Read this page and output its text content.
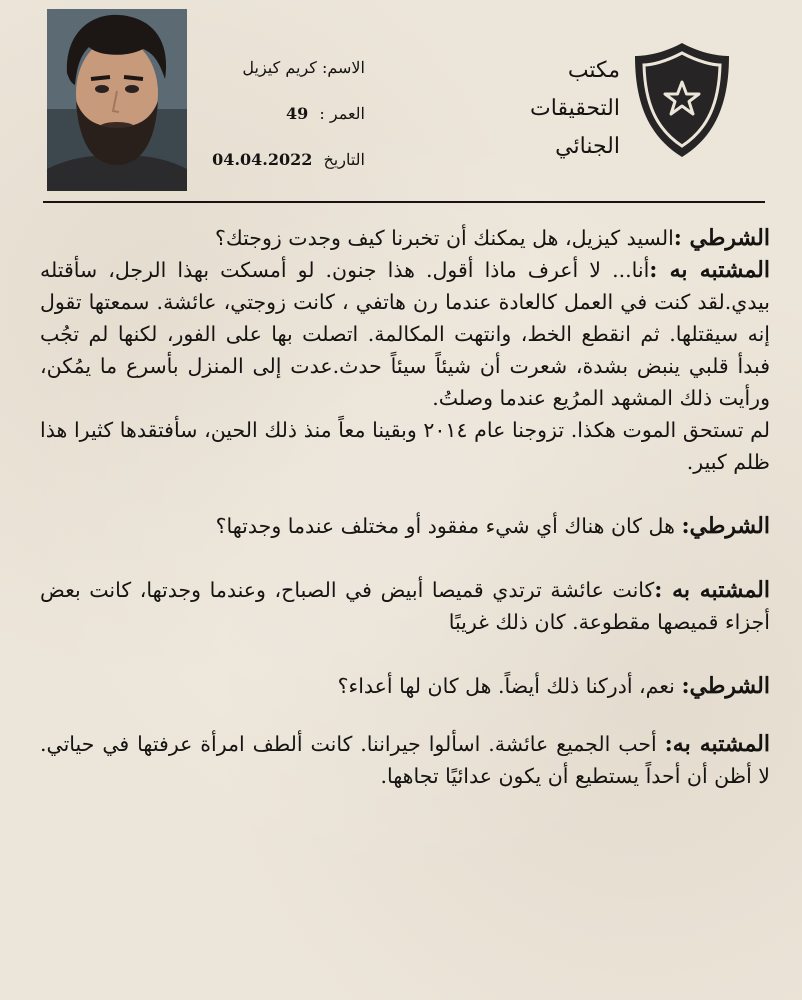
مكتب
التحقيقات
الجنائي
الاسم: كريم كيزيل
العمر : 49
التاريخ 04.04.2022

الشرطي :السيد كيزيل، هل يمكنك أن تخبرنا كيف وجدت زوجتك؟

المشتبه به :أنا... لا أعرف ماذا أقول. هذا جنون. لو أمسكت بهذا الرجل، سأقتله بيدي.لقد كنت في العمل كالعادة عندما رن هاتفي ، كانت زوجتي، عائشة. سمعتها تقول إنه سيقتلها. ثم انقطع الخط، وانتهت المكالمة. اتصلت بها على الفور، لكنها لم تجُب فبدأ قلبي ينبض بشدة، شعرت أن شيئاً سيئاً حدث.عدت إلى المنزل بأسرع ما يمُكن، ورأيت ذلك المشهد المرُيع عندما وصلتُ.

لم تستحق الموت هكذا. تزوجنا عام ٢٠١٤ وبقينا معاً منذ ذلك الحين، سأفتقدها كثيرا هذا ظلم كبير.

الشرطي: هل كان هناك أي شيء مفقود أو مختلف عندما وجدتها؟

المشتبه به :كانت عائشة ترتدي قميصا أبيض في الصباح، وعندما وجدتها، كانت بعض أجزاء قميصها مقطوعة. كان ذلك غريبًا

الشرطي: نعم، أدركنا ذلك أيضاً. هل كان لها أعداء؟

المشتبه به: أحب الجميع عائشة. اسألوا جيراننا. كانت ألطف امرأة عرفتها في حياتي. لا أظن أن أحداً يستطيع أن يكون عدائيًا تجاهها.
